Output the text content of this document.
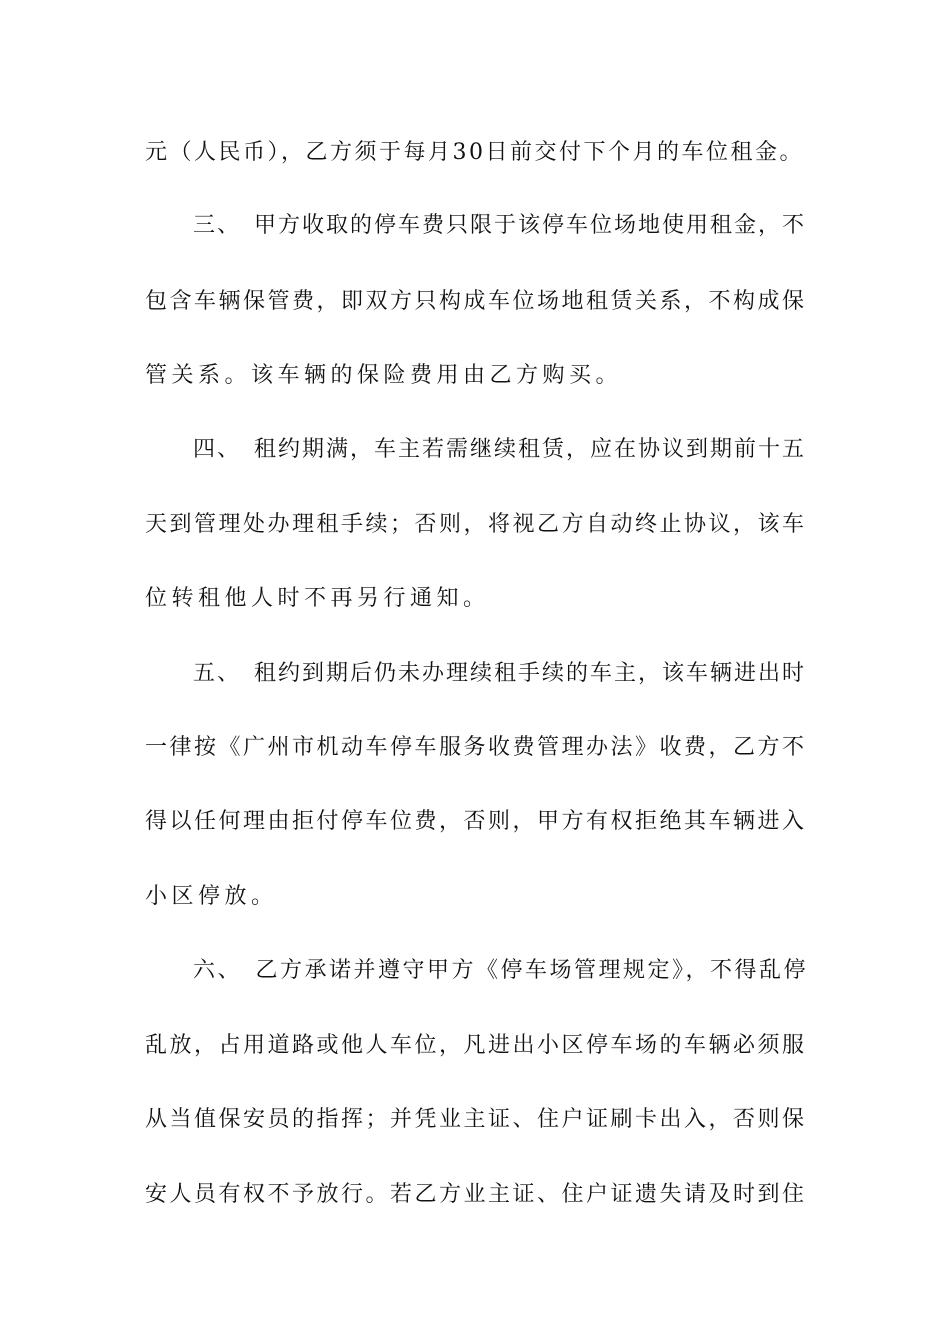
元（人民币），乙方须于每月30日前交付下个月的车位租金。
三、　甲方收取的停车费只限于该停车位场地使用租金，不
包含车辆保管费，即双方只构成车位场地租赁关系，不构成保
管关系。该车辆的保险费用由乙方购买。
四、　租约期满，车主若需继续租赁，应在协议到期前十五
天到管理处办理租手续；否则，将视乙方自动终止协议，该车
位转租他人时不再另行通知。
五、　租约到期后仍未办理续租手续的车主，该车辆进出时
一律按《广州市机动车停车服务收费管理办法》收费，乙方不
得以任何理由拒付停车位费，否则，甲方有权拒绝其车辆进入
小区停放。
六、　乙方承诺并遵守甲方《停车场管理规定》，不得乱停
乱放，占用道路或他人车位，凡进出小区停车场的车辆必须服
从当值保安员的指挥；并凭业主证、住户证刷卡出入，否则保
安人员有权不予放行。若乙方业主证、住户证遗失请及时到住
